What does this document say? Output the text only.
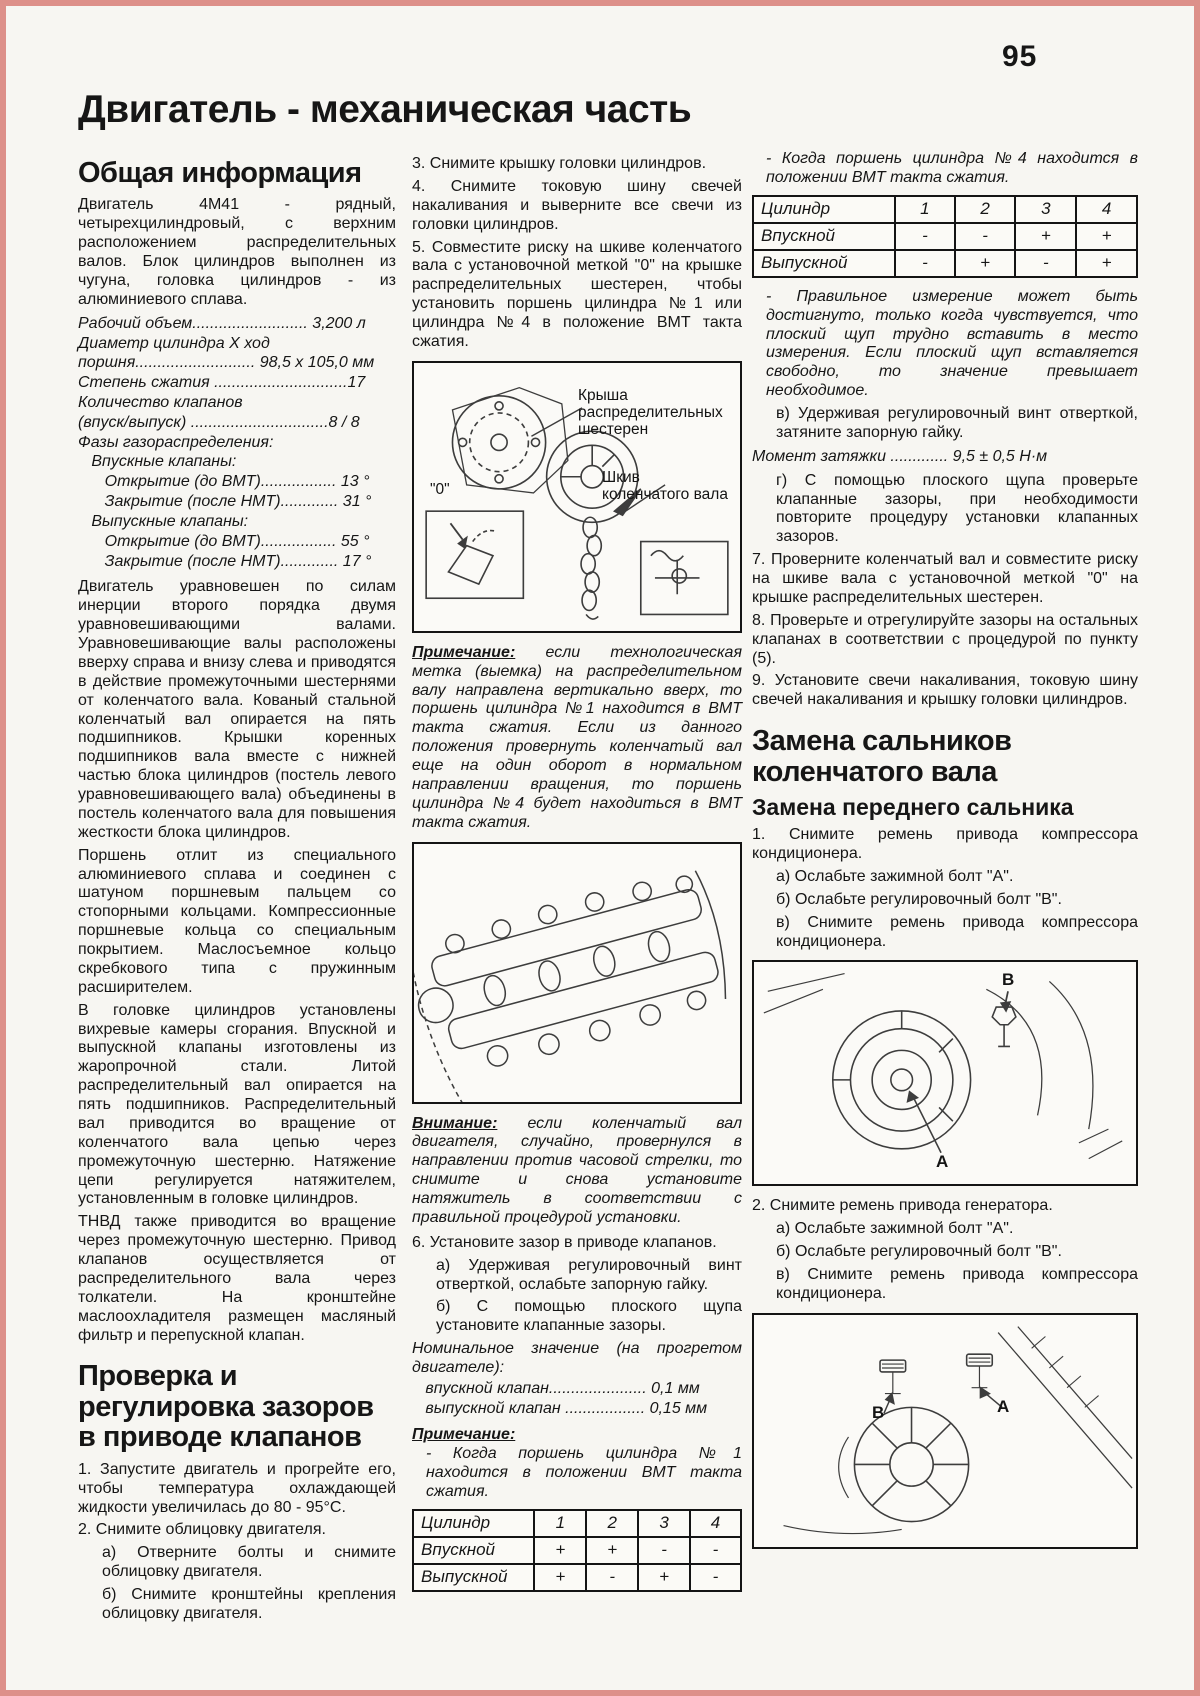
95
Двигатель - механическая часть
Общая информация

Двигатель 4М41 - рядный, четырехцилиндровый, с верхним расположением распределительных валов. Блок цилиндров выполнен из чугуна, головка цилиндров - из алюминиевого сплава.

Рабочий объем.......................... 3,200 л
Диаметр цилиндра X ход
поршня........................... 98,5 x 105,0 мм
Степень сжатия ..............................17
Количество клапанов
(впуск/выпуск) ...............................8 / 8
Фазы газораспределения:
Впускные клапаны:
Открытие (до ВМТ)................. 13 °
Закрытие (после НМТ)............. 31 °
Выпускные клапаны:
Открытие (до ВМТ)................. 55 °
Закрытие (после НМТ)............. 17 °

Двигатель уравновешен по силам инерции второго порядка двумя уравновешивающими валами. Уравновешивающие валы расположены вверху справа и внизу слева и приводятся в действие промежуточными шестернями от коленчатого вала. Кованый стальной коленчатый вал опирается на пять подшипников. Крышки коренных подшипников вала вместе с нижней частью блока цилиндров (постель левого уравновешивающего вала) объединены в постель коленчатого вала для повышения жесткости блока цилиндров.

Поршень отлит из специального алюминиевого сплава и соединен с шатуном поршневым пальцем со стопорными кольцами. Компрессионные поршневые кольца со специальным покрытием. Маслосъемное кольцо скребкового типа с пружинным расширителем.

В головке цилиндров установлены вихревые камеры сгорания. Впускной и выпускной клапаны изготовлены из жаропрочной стали. Литой распределительный вал опирается на пять подшипников. Распределительный вал приводится во вращение от коленчатого вала цепью через промежуточную шестерню. Натяжение цепи регулируется натяжителем, установленным в головке цилиндров.

ТНВД также приводится во вращение через промежуточную шестерню. Привод клапанов осуществляется от распределительного вала через толкатели. На кронштейне маслоохладителя размещен масляный фильтр и перепускной клапан.

Проверка и регулировка зазоров в приводе клапанов

1. Запустите двигатель и прогрейте его, чтобы температура охлаждающей жидкости увеличилась до 80 - 95°С.

2. Снимите облицовку двигателя.

а) Отверните болты и снимите облицовку двигателя.

б) Снимите кронштейны крепления облицовку двигателя.

3. Снимите крышку головки цилиндров.

4. Снимите токовую шину свечей накаливания и выверните все свечи из головки цилиндров.

5. Совместите риску на шкиве коленчатого вала с установочной меткой "0" на крышке распределительных шестерен, чтобы установить поршень цилиндра №1 или цилиндра №4 в положение ВМТ такта сжатия.

Крыша распределительных шестерен
Шкив коленчатого вала
"0"

Примечание: если технологическая метка (выемка) на распределительном валу направлена вертикально вверх, то поршень цилиндра №1 находится в ВМТ такта сжатия. Если из данного положения провернуть коленчатый вал еще на один оборот в нормальном направлении вращения, то поршень цилиндра №4 будет находиться в ВМТ такта сжатия.

Внимание: если коленчатый вал двигателя, случайно, провернулся в направлении против часовой стрелки, то снимите и снова установите натяжитель в соответствии с правильной процедурой установки.

6. Установите зазор в приводе клапанов.

а) Удерживая регулировочный винт отверткой, ослабьте запорную гайку.

б) С помощью плоского щупа установите клапанные зазоры.

Номинальное значение (на прогретом двигателе):

впускной клапан...................... 0,1 мм
выпускной клапан .................. 0,15 мм

Примечание:

- Когда поршень цилиндра №1 находится в положении ВМТ такта сжатия.

Цилиндр	1	2	3	4
Впускной	+	+	-	-
Выпускной	+	-	+	-

- Когда поршень цилиндра №4 находится в положении ВМТ такта сжатия.

Цилиндр	1	2	3	4
Впускной	-	-	+	+
Выпускной	-	+	-	+

- Правильное измерение может быть достигнуто, только когда чувствуется, что плоский щуп трудно вставить в место измерения. Если плоский щуп вставляется свободно, то значение превышает необходимое.

в) Удерживая регулировочный винт отверткой, затяните запорную гайку.

Момент затяжки ............. 9,5 ± 0,5 Н·м

г) С помощью плоского щупа проверьте клапанные зазоры, при необходимости повторите процедуру установки клапанных зазоров.

7. Проверните коленчатый вал и совместите риску на шкиве вала с установочной меткой "0" на крышке распределительных шестерен.

8. Проверьте и отрегулируйте зазоры на остальных клапанах в соответствии с процедурой по пункту (5).

9. Установите свечи накаливания, токовую шину свечей накаливания и крышку головки цилиндров.

Замена сальников коленчатого вала
Замена переднего сальника

1. Снимите ремень привода компрессора кондиционера.

а) Ослабьте зажимной болт "А".

б) Ослабьте регулировочный болт "В".

в) Снимите ремень привода компрессора кондиционера.

В
А

2. Снимите ремень привода генератора.

а) Ослабьте зажимной болт "А".

б) Ослабьте регулировочный болт "В".

в) Снимите ремень привода компрессора кондиционера.

В	А
